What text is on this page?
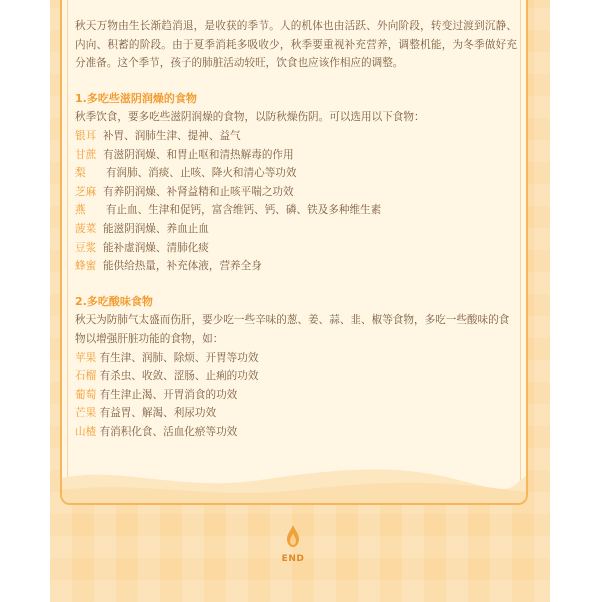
秋天万物由生长渐趋消退，是收获的季节。人的机体也由活跃、外向阶段，转变过渡到沉静、内向、积蓄的阶段。由于夏季消耗多吸收少，秋季要重视补充营养，调整机能，为冬季做好充分准备。这个季节，孩子的肺脏活动较旺，饮食也应该作相应的调整。

1.多吃些滋阴润燥的食物

秋季饮食，要多吃些滋阴润燥的食物，以防秋燥伤阴。可以选用以下食物：

银耳 补胃、润肺生津、提神、益气

甘蔗 有滋阴润燥、和胃止呕和清热解毒的作用

梨 有润肺、消痰、止咳、降火和清心等功效

芝麻 有养阴润燥、补肾益精和止咳平喘之功效

燕 有止血、生津和促钙，富含维钙、钙、磷、铁及多种维生素

菠菜 能滋阴润燥、养血止血

豆浆 能补虚润燥、清肺化痰

蜂蜜 能供给热量，补充体液，营养全身

2.多吃酸味食物

秋天为防肺气太盛而伤肝，要少吃一些辛味的葱、姜、蒜、韭、椒等食物，多吃一些酸味的食物以增强肝脏功能的食物，如：

苹果 有生津、润肺、除烦、开胃等功效

石榴 有杀虫、收敛、涩肠、止痢的功效

葡萄 有生津止渴、开胃消食的功效

芒果 有益胃、解渴、利尿功效

山楂 有消积化食、活血化瘀等功效

END
